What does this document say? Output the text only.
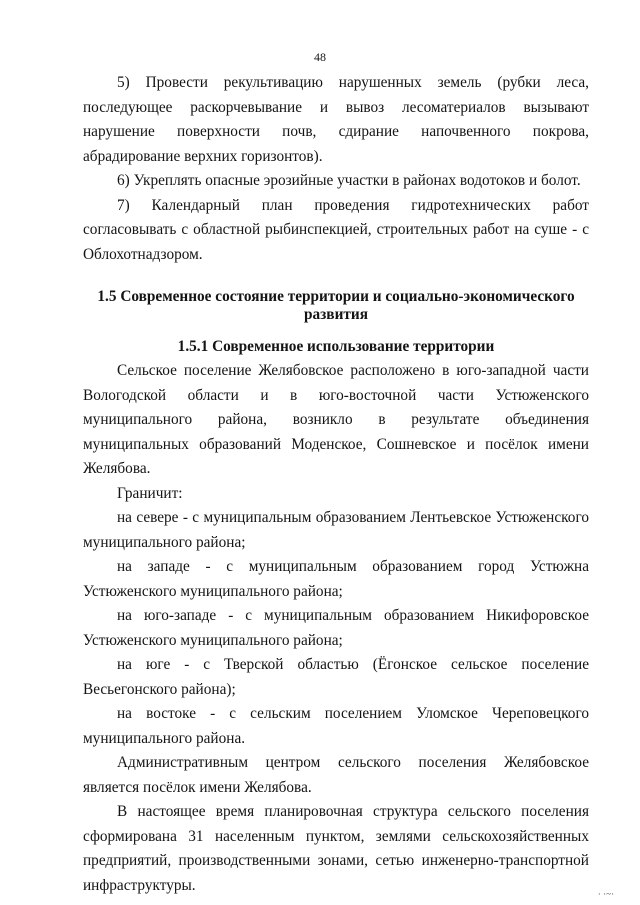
48

5) Провести рекультивацию нарушенных земель (рубки леса, последующее раскорчевывание и вывоз лесоматериалов вызывают нарушение поверхности почв, сдирание напочвенного покрова, абрадирование верхних горизонтов).

6) Укреплять опасные эрозийные участки в районах водотоков и болот.

7) Календарный план проведения гидротехнических работ согласовывать с областной рыбинспекцией, строительных работ на суше - с Облохотнадзором.

1.5 Современное состояние территории и социально-экономического развития

1.5.1 Современное использование территории

Сельское поселение Желябовское расположено в юго-западной части Вологодской области и в юго-восточной части Устюженского муниципального района, возникло в результате объединения муниципальных образований Моденское, Сошневское и посёлок имени Желябова.

Граничит:

на севере - с муниципальным образованием Лентьевское Устюженского муниципального района;

на западе - с муниципальным образованием город Устюжна Устюженского муниципального района;

на юго-западе - с муниципальным образованием Никифоровское Устюженского муниципального района;

на юге - с Тверской областью (Ёгонское сельское поселение Весьегонского района);

на востоке - с сельским поселением Уломское Череповецкого муниципального района.

Административным центром сельского поселения Желябовское является посёлок имени Желябова.

В настоящее время планировочная структура сельского поселения сформирована 31 населенным пунктом, землями сельскохозяйственных предприятий, производственными зонами, сетью инженерно-транспортной инфраструктуры.

· ·~·
